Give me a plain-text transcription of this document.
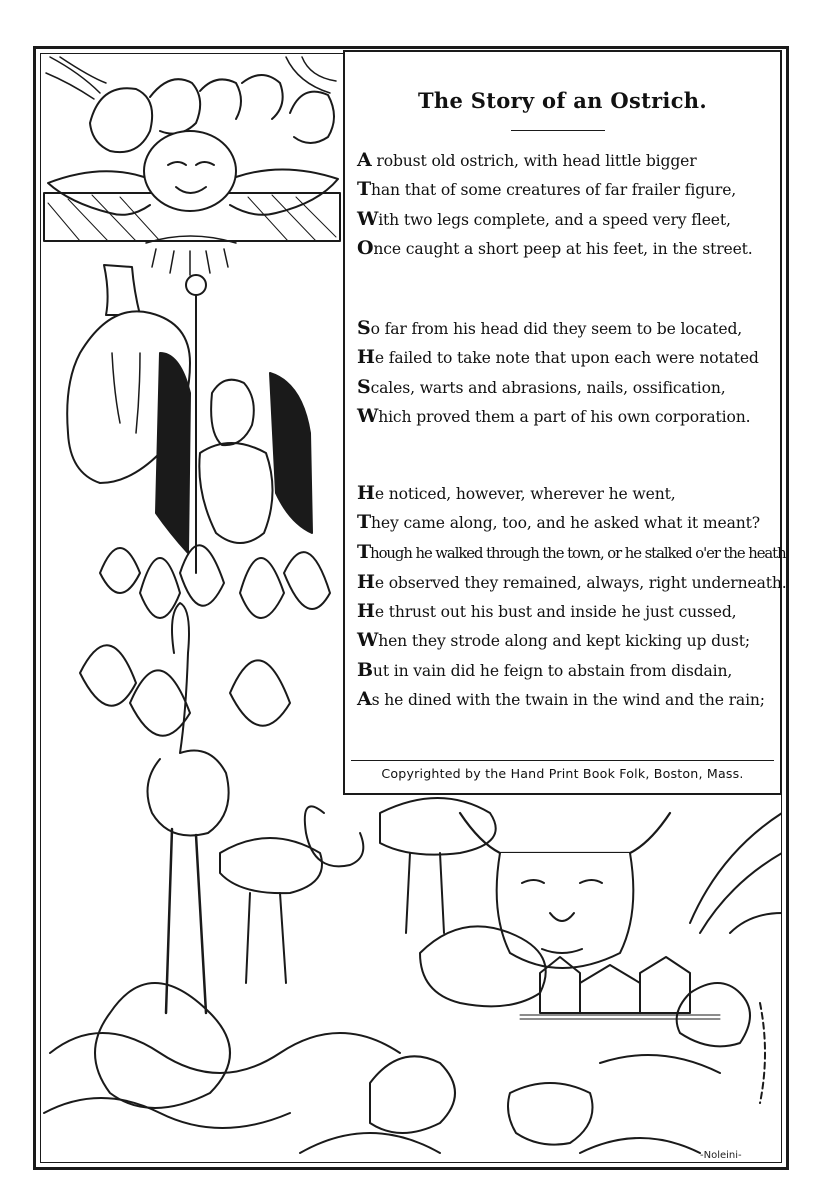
The Story of an Ostrich.
A robust old ostrich, with head little bigger
Than that of some creatures of far frailer figure,
With two legs complete, and a speed very fleet,
Once caught a short peep at his feet, in the street.
So far from his head did they seem to be located,
He failed to take note that upon each were notated
Scales, warts and abrasions, nails, ossification,
Which proved them a part of his own corporation.
He noticed, however, wherever he went,
They came along, too, and he asked what it meant?
Though he walked through the town, or he stalked o'er the heath
He observed they remained, always, right underneath.
He thrust out his bust and inside he just cussed,
When they strode along and kept kicking up dust;
But in vain did he feign to abstain from disdain,
As he dined with the twain in the wind and the rain;
Copyrighted by the Hand Print Book Folk, Boston, Mass.
-Noleini-
